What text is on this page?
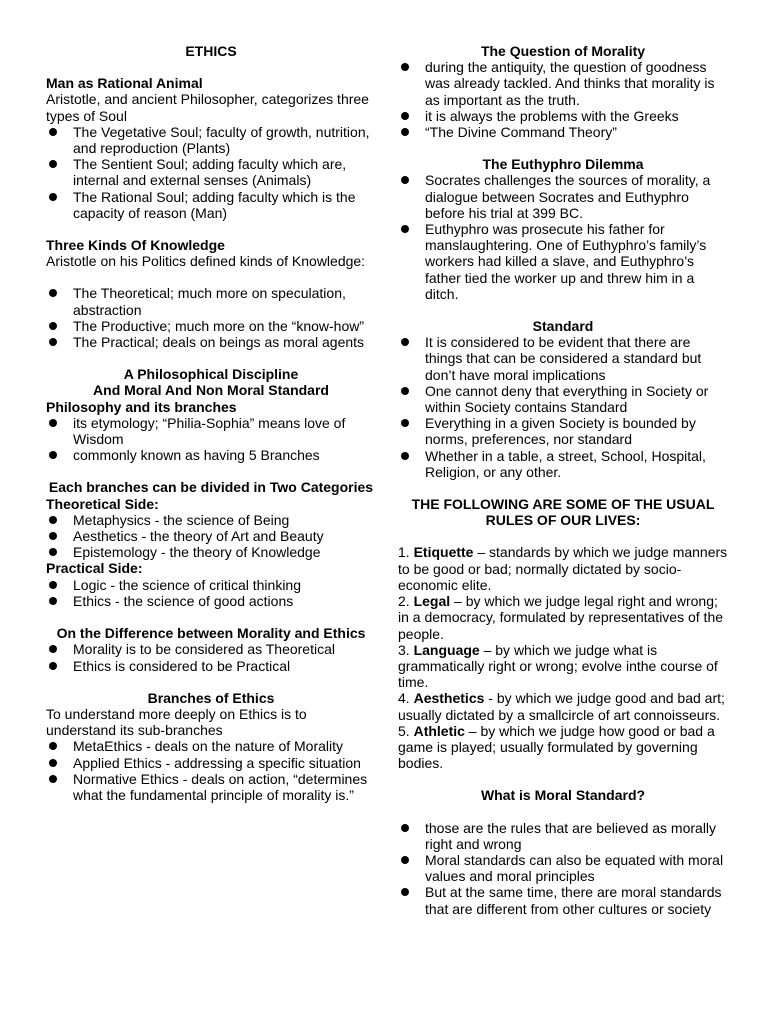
ETHICS

Man as Rational Animal

Aristotle, and ancient Philosopher, categorizes three types of Soul

The Vegetative Soul; faculty of growth, nutrition, and reproduction (Plants)
The Sentient Soul; adding faculty which are, internal and external senses (Animals)
The Rational Soul; adding faculty which is the capacity of reason (Man)

Three Kinds Of Knowledge

Aristotle on his Politics defined kinds of Knowledge:

The Theoretical; much more on speculation, abstraction
The Productive; much more on the “know-how”
The Practical; deals on beings as moral agents

A Philosophical Discipline

And Moral And Non Moral Standard

Philosophy and its branches

its etymology; “Philia-Sophia” means love of Wisdom
commonly known as having 5 Branches

Each branches can be divided in Two Categories

Theoretical Side:

Metaphysics - the science of Being
Aesthetics - the theory of Art and Beauty
Epistemology - the theory of Knowledge

Practical Side:

Logic - the science of critical thinking
Ethics - the science of good actions

On the Difference between Morality and Ethics

Morality is to be considered as Theoretical
Ethics is considered to be Practical

Branches of Ethics

To understand more deeply on Ethics is to understand its sub-branches

MetaEthics - deals on the nature of Morality
Applied Ethics - addressing a specific situation
Normative Ethics - deals on action, “determines what the fundamental principle of morality is.”

The Question of Morality

during the antiquity, the question of goodness was already tackled. And thinks that morality is as important as the truth.
it is always the problems with the Greeks
“The Divine Command Theory”

The Euthyphro Dilemma

Socrates challenges the sources of morality, a dialogue between Socrates and Euthyphro before his trial at 399 BC.
Euthyphro was prosecute his father for manslaughtering. One of Euthyphro’s family’s workers had killed a slave, and Euthyphro’s father tied the worker up and threw him in a ditch.

Standard

It is considered to be evident that there are things that can be considered a standard but don’t have moral implications
One cannot deny that everything in Society or within Society contains Standard
Everything in a given Society is bounded by norms, preferences, nor standard
Whether in a table, a street, School, Hospital, Religion, or any other.

THE FOLLOWING ARE SOME OF THE USUAL RULES OF OUR LIVES:

1. Etiquette – standards by which we judge manners to be good or bad; normally dictated by socio-economic elite.

2. Legal – by which we judge legal right and wrong; in a democracy, formulated by representatives of the people.

3. Language – by which we judge what is grammatically right or wrong; evolve inthe course of time.

4. Aesthetics - by which we judge good and bad art; usually dictated by a smallcircle of art connoisseurs.

5. Athletic – by which we judge how good or bad a game is played; usually formulated by governing bodies.

What is Moral Standard?

those are the rules that are believed as morally right and wrong
Moral standards can also be equated with moral values and moral principles
But at the same time, there are moral standards that are different from other cultures or society
